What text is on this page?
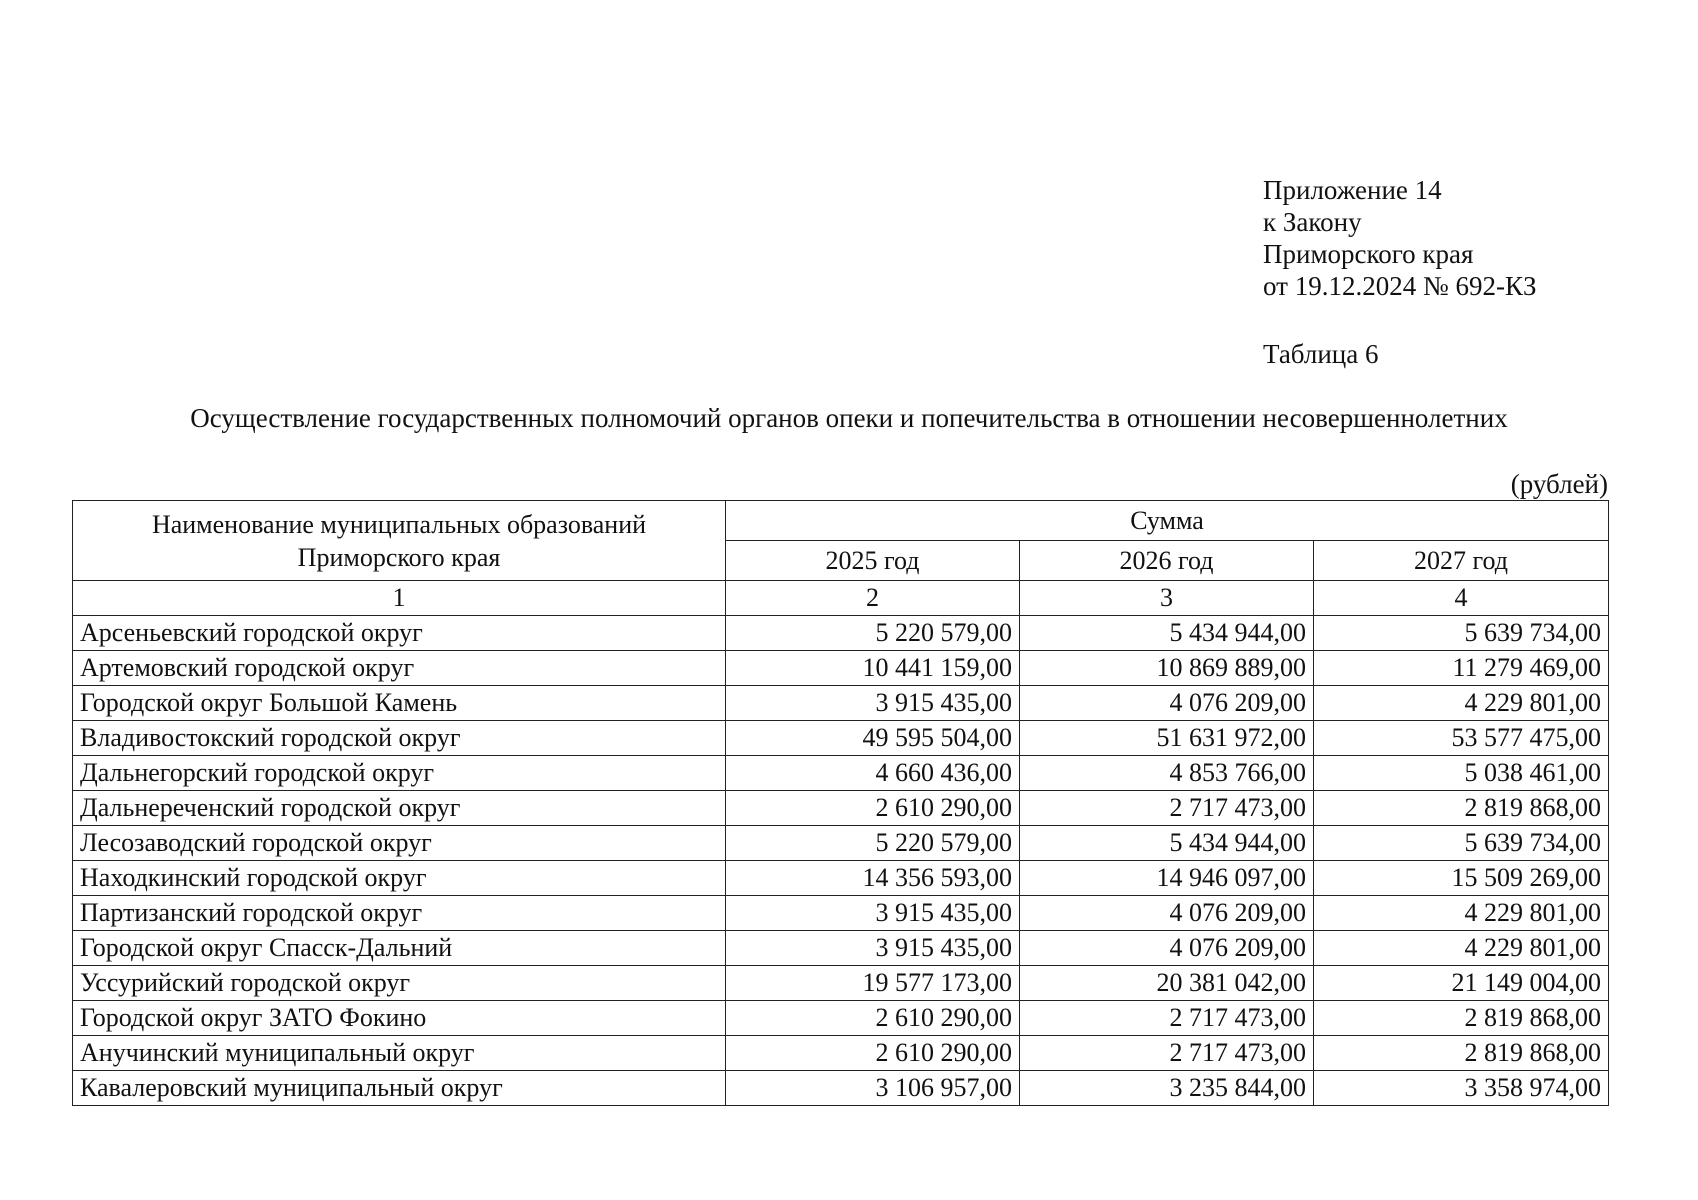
Приложение 14
к Закону
Приморского края
от 19.12.2024 № 692-КЗ
Таблица 6
Осуществление государственных полномочий органов опеки и попечительства в отношении несовершеннолетних
(рублей)
Наименование муниципальных образований
Приморского края	Сумма		
	2025 год	2026 год	2027 год
1	2	3	4
Арсеньевский городской округ	5 220 579,00	5 434 944,00	5 639 734,00
Артемовский городской округ	10 441 159,00	10 869 889,00	11 279 469,00
Городской округ Большой Камень	3 915 435,00	4 076 209,00	4 229 801,00
Владивостокский городской округ	49 595 504,00	51 631 972,00	53 577 475,00
Дальнегорский городской округ	4 660 436,00	4 853 766,00	5 038 461,00
Дальнереченский городской округ	2 610 290,00	2 717 473,00	2 819 868,00
Лесозаводский городской округ	5 220 579,00	5 434 944,00	5 639 734,00
Находкинский городской округ	14 356 593,00	14 946 097,00	15 509 269,00
Партизанский городской округ	3 915 435,00	4 076 209,00	4 229 801,00
Городской округ Спасск-Дальний	3 915 435,00	4 076 209,00	4 229 801,00
Уссурийский городской округ	19 577 173,00	20 381 042,00	21 149 004,00
Городской округ ЗАТО Фокино	2 610 290,00	2 717 473,00	2 819 868,00
Анучинский муниципальный округ	2 610 290,00	2 717 473,00	2 819 868,00
Кавалеровский муниципальный округ	3 106 957,00	3 235 844,00	3 358 974,00
